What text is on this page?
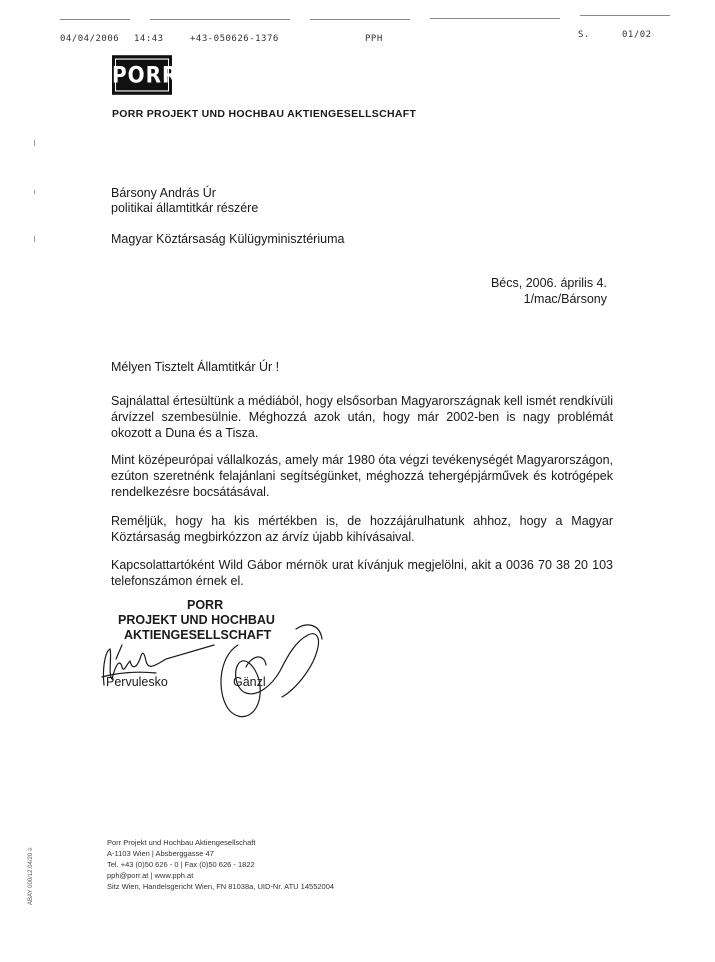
04/04/2006 14:43	+43-050626-1376	PPH	S.	01/02
PORR
PORR PROJEKT UND HOCHBAU AKTIENGESELLSCHAFT
Bársony András Úr
politikai államtitkár részére
Magyar Köztársaság Külügyminisztériuma
Bécs, 2006. április 4.
1/mac/Bársony
Mélyen Tisztelt Államtitkár Úr !
Sajnálattal értesültünk a médiából, hogy elsősorban Magyarországnak kell ismét rendkívüli árvízzel szembesülnie. Méghozzá azok után, hogy már 2002-ben is nagy problémát okozott a Duna és a Tisza.
Mint középeurópai vállalkozás, amely már 1980 óta végzi tevékenységét Magyarországon, ezúton szeretnénk felajánlani segítségünket, méghozzá tehergépjárművek és kotrógépek rendelkezésre bocsátásával.
Reméljük, hogy ha kis mértékben is, de hozzájárulhatunk ahhoz, hogy a Magyar Köztársaság megbirkózzon az árvíz újabb kihívásaival.
Kapcsolattartóként Wild Gábor mérnök urat kívánjuk megjelölni, akit a 0036 70 38 20 103 telefonszámon érnek el.
PORR
PROJEKT UND HOCHBAU
AKTIENGESELLSCHAFT
Pervulesko	Gänzl
Porr Projekt und Hochbau Aktiengesellschaft
A-1103 Wien | Absberggasse 47
Tel. +43 (0)50 626 - 0 | Fax (0)50 626 - 1822
pph@porr.at | www.pph.at
Sitz Wien, Handelsgericht Wien, FN 81038a, UID-Nr. ATU 14552004
ABAY 000/12.04/20 ≡
